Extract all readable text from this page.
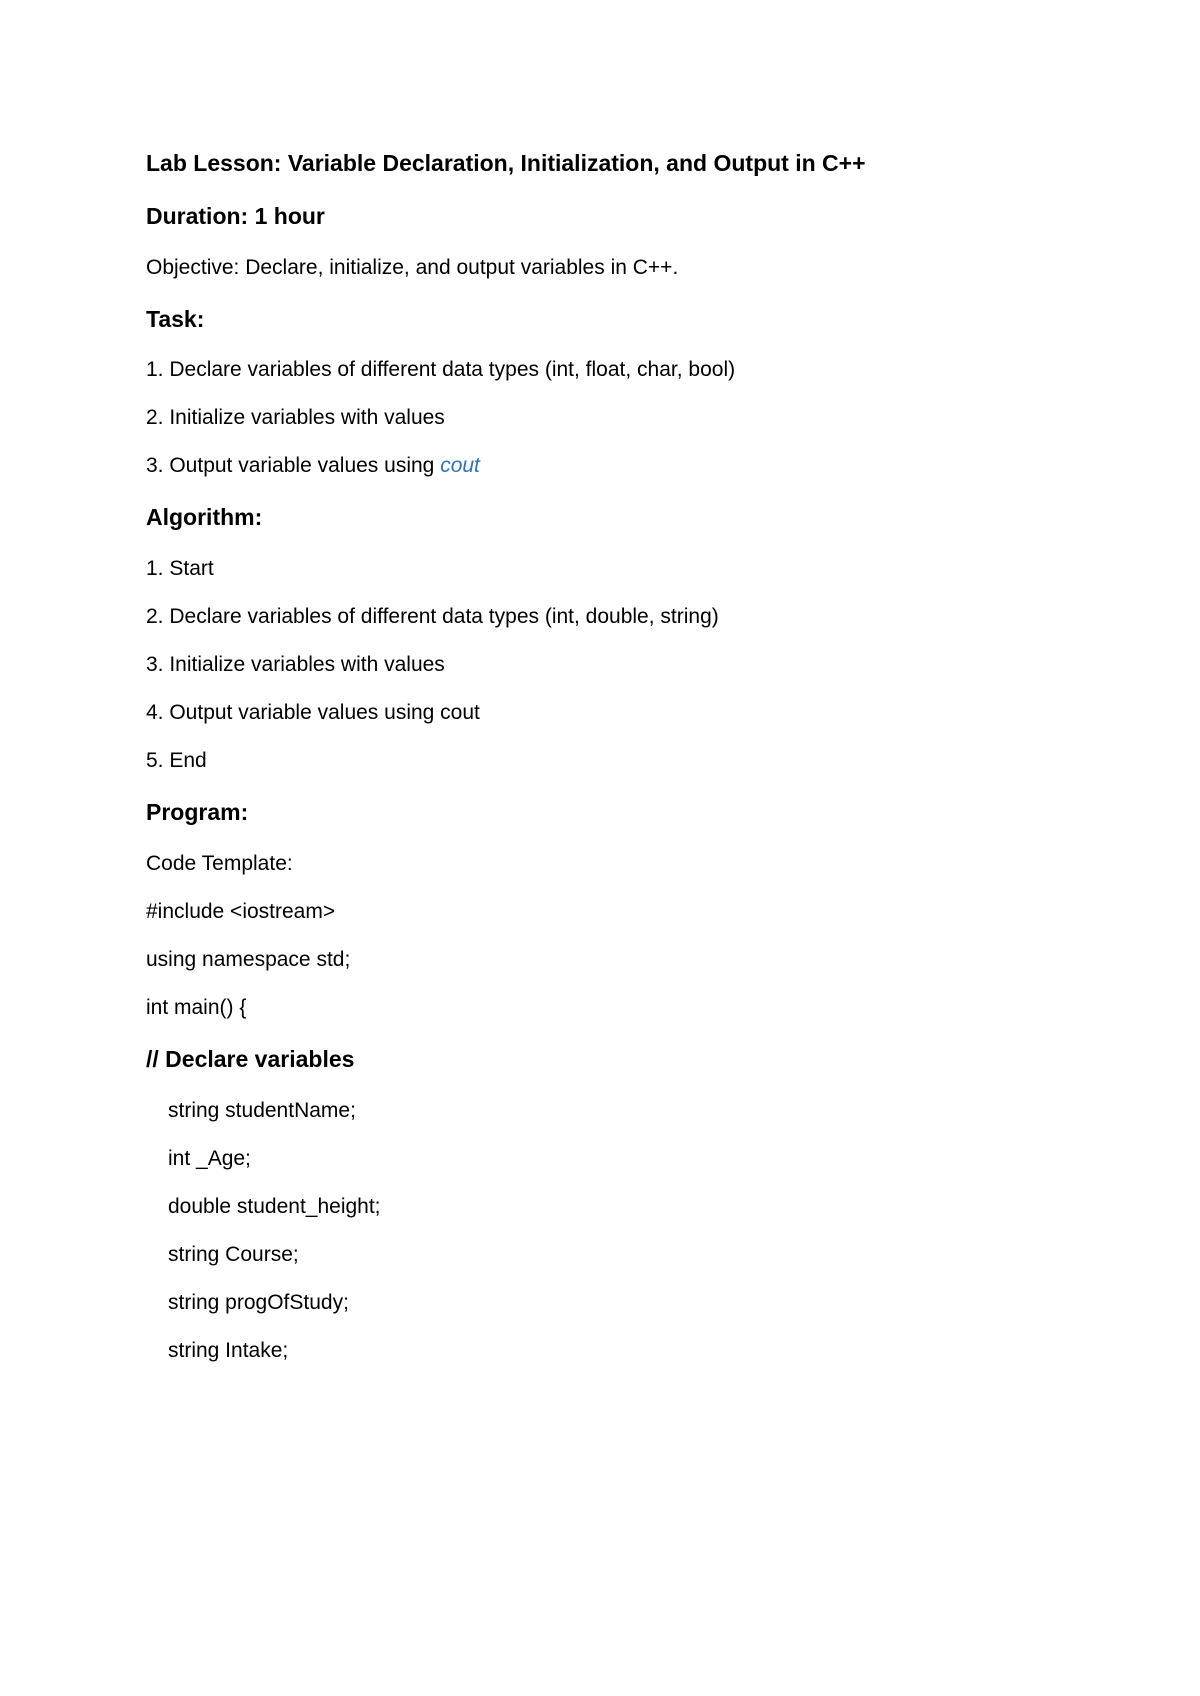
Lab Lesson: Variable Declaration, Initialization, and Output in C++
Duration: 1 hour
Objective: Declare, initialize, and output variables in C++.
Task:
1. Declare variables of different data types (int, float, char, bool)
2. Initialize variables with values
3. Output variable values using cout
Algorithm:
1. Start
2. Declare variables of different data types (int, double, string)
3. Initialize variables with values
4. Output variable values using cout
5. End
Program:
Code Template:
#include <iostream>
using namespace std;
int main() {
// Declare variables
string studentName;
int _Age;
double student_height;
string Course;
string progOfStudy;
string Intake;
